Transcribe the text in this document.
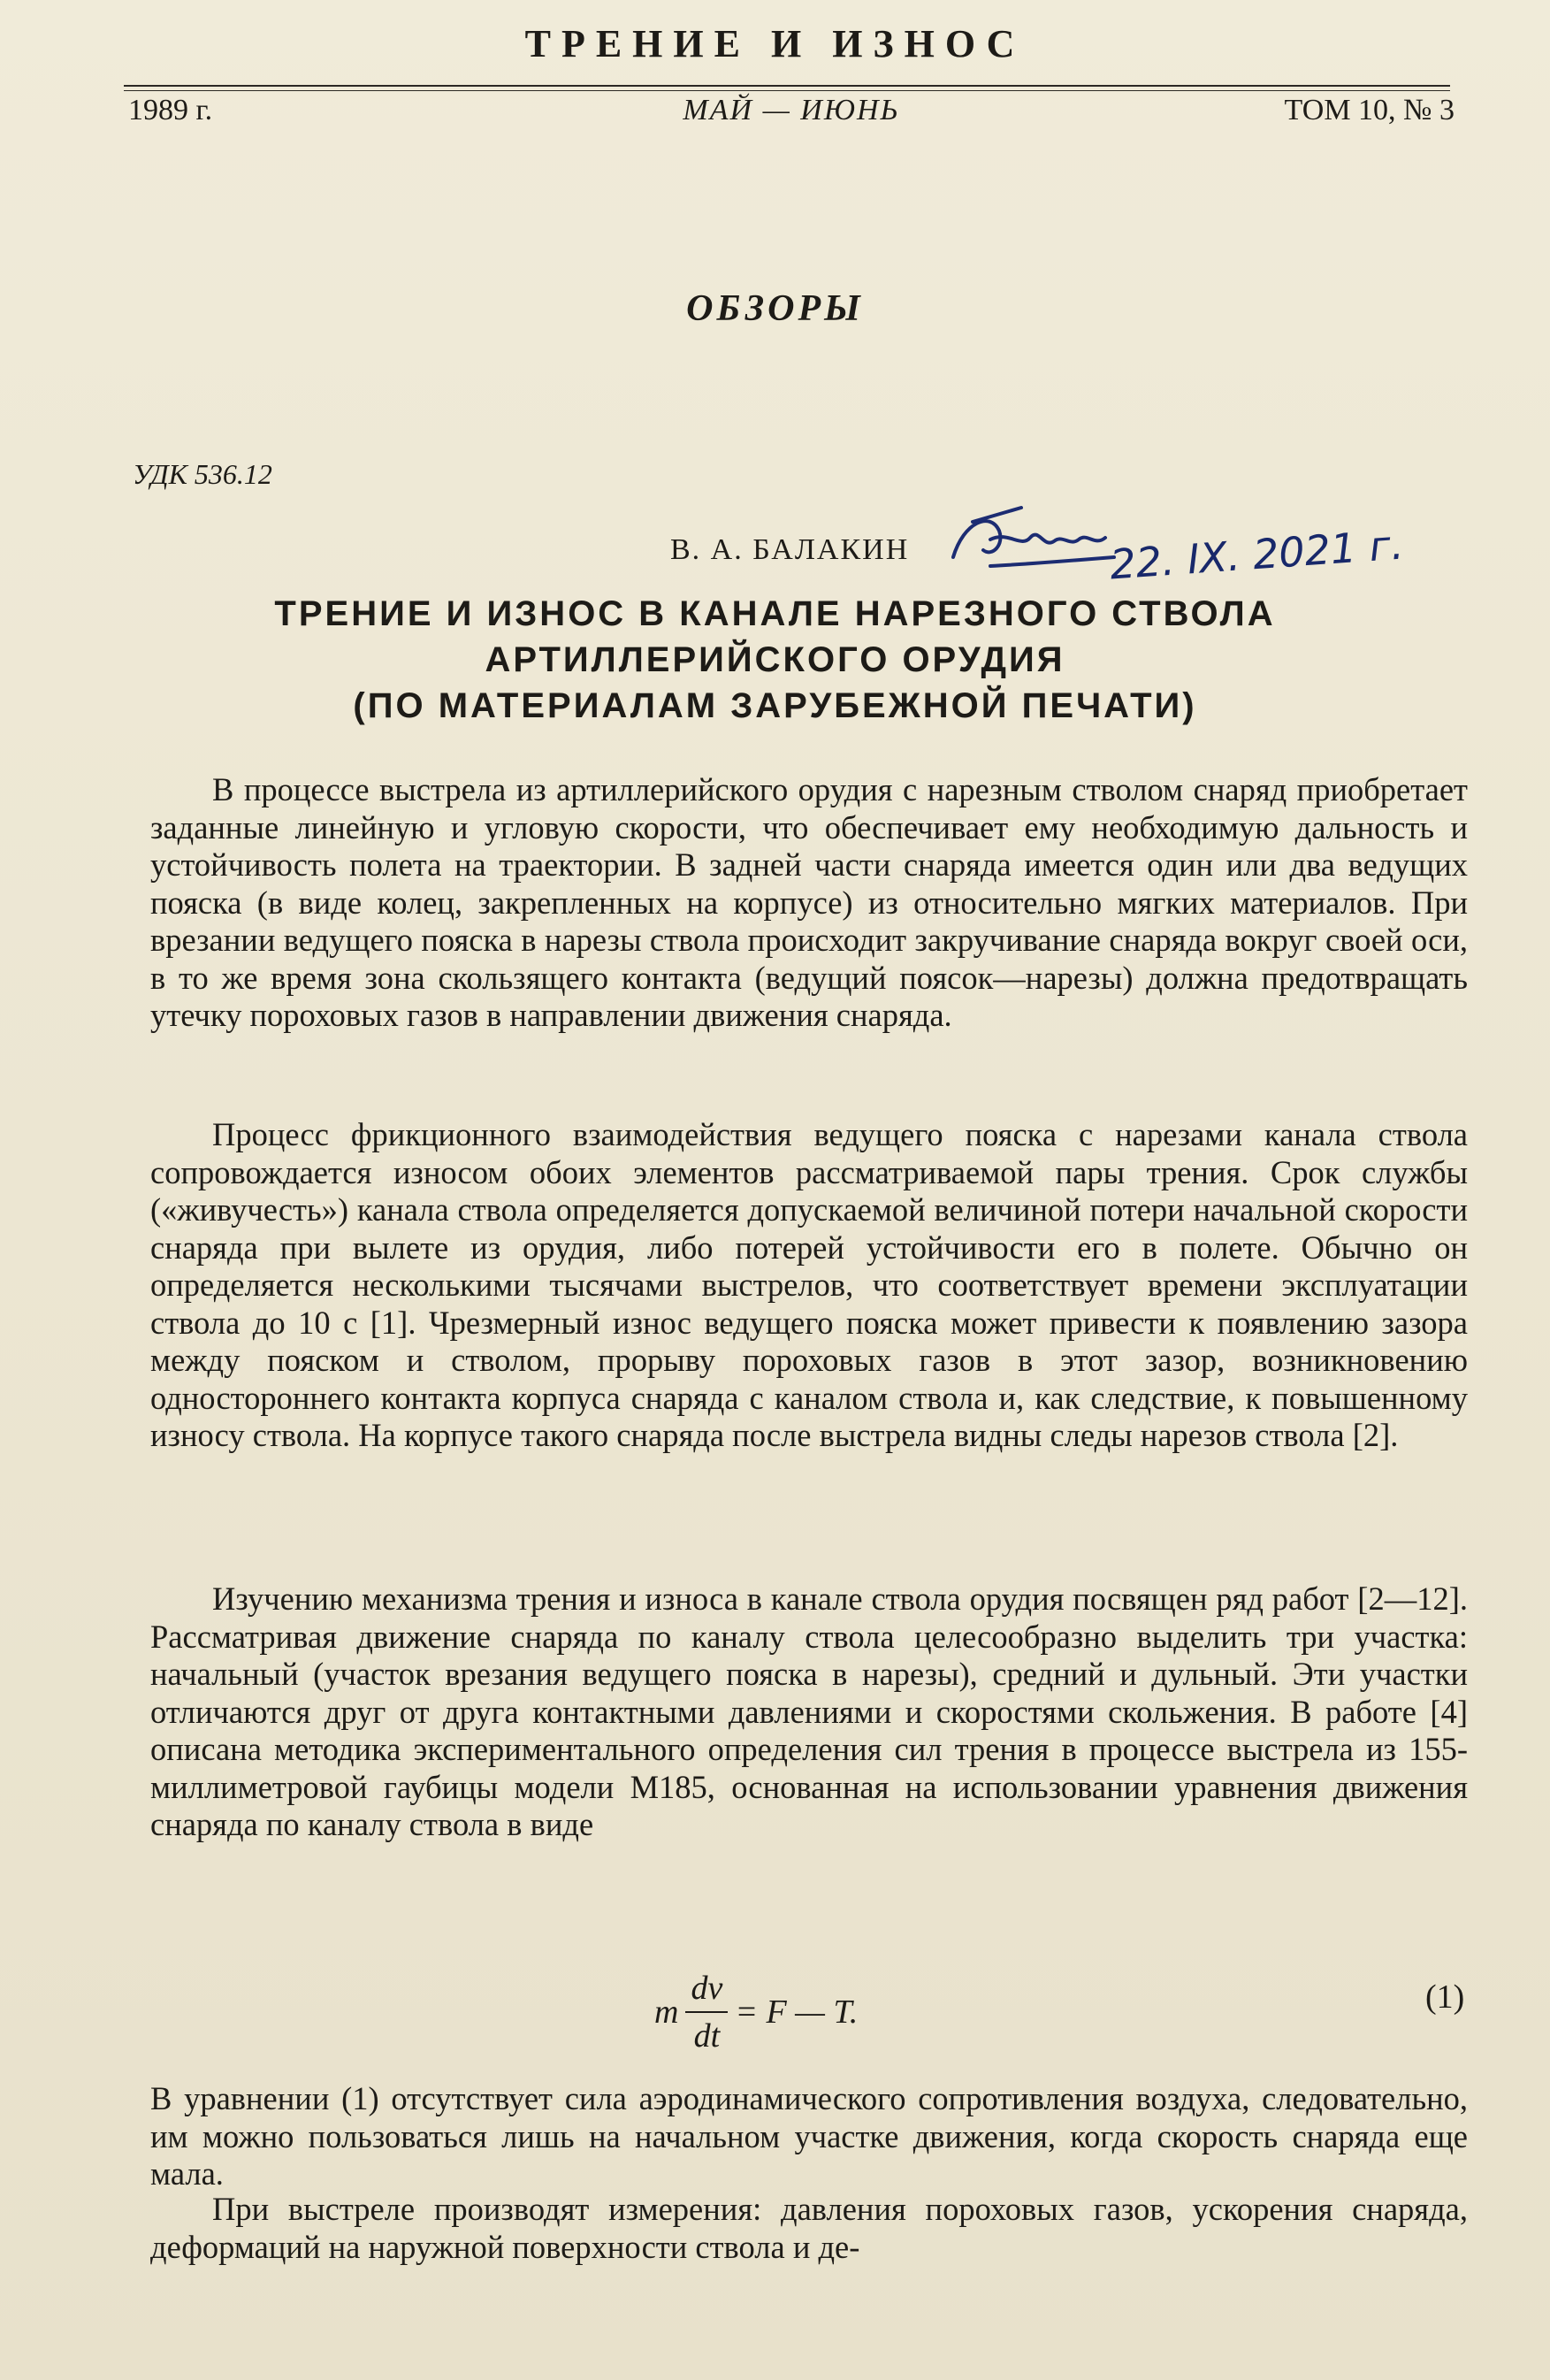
ТРЕНИЕ И ИЗНОС
1989 г.	МАЙ — ИЮНЬ	ТОМ 10, № 3
ОБЗОРЫ
УДК 536.12
В. А. БАЛАКИН	22. IX. 2021 г.
ТРЕНИЕ И ИЗНОС В КАНАЛЕ НАРЕЗНОГО СТВОЛА
АРТИЛЛЕРИЙСКОГО ОРУДИЯ
(ПО МАТЕРИАЛАМ ЗАРУБЕЖНОЙ ПЕЧАТИ)

В процессе выстрела из артиллерийского орудия с нарезным стволом снаряд приобретает заданные линейную и угловую скорости, что обеспечивает ему необходимую дальность и устойчивость полета на траектории. В задней части снаряда имеется один или два ведущих пояска (в виде колец, закрепленных на корпусе) из относительно мягких материалов. При врезании ведущего пояска в нарезы ствола происходит закручивание снаряда вокруг своей оси, в то же время зона скользящего контакта (ведущий поясок—нарезы) должна предотвращать утечку пороховых газов в направлении движения снаряда.

Процесс фрикционного взаимодействия ведущего пояска с нарезами канала ствола сопровождается износом обоих элементов рассматриваемой пары трения. Срок службы («живучесть») канала ствола определяется допускаемой величиной потери начальной скорости снаряда при вылете из орудия, либо потерей устойчивости его в полете. Обычно он определяется несколькими тысячами выстрелов, что соответствует времени эксплуатации ствола до 10 с [1]. Чрезмерный износ ведущего пояска может привести к появлению зазора между пояском и стволом, прорыву пороховых газов в этот зазор, возникновению одностороннего контакта корпуса снаряда с каналом ствола и, как следствие, к повышенному износу ствола. На корпусе такого снаряда после выстрела видны следы нарезов ствола [2].

Изучению механизма трения и износа в канале ствола орудия посвящен ряд работ [2—12]. Рассматривая движение снаряда по каналу ствола целесообразно выделить три участка: начальный (участок врезания ведущего пояска в нарезы), средний и дульный. Эти участки отличаются друг от друга контактными давлениями и скоростями скольжения. В работе [4] описана методика экспериментального определения сил трения в процессе выстрела из 155-миллиметровой гаубицы модели М185, основанная на использовании уравнения движения снаряда по каналу ствола в виде

m $\frac{dv}{dt} = F$ — T.	(1)

В уравнении (1) отсутствует сила аэродинамического сопротивления воздуха, следовательно, им можно пользоваться лишь на начальном участке движения, когда скорость снаряда еще мала.

При выстреле производят измерения: давления пороховых газов, ускорения снаряда, деформаций на наружной поверхности ствола и де-
